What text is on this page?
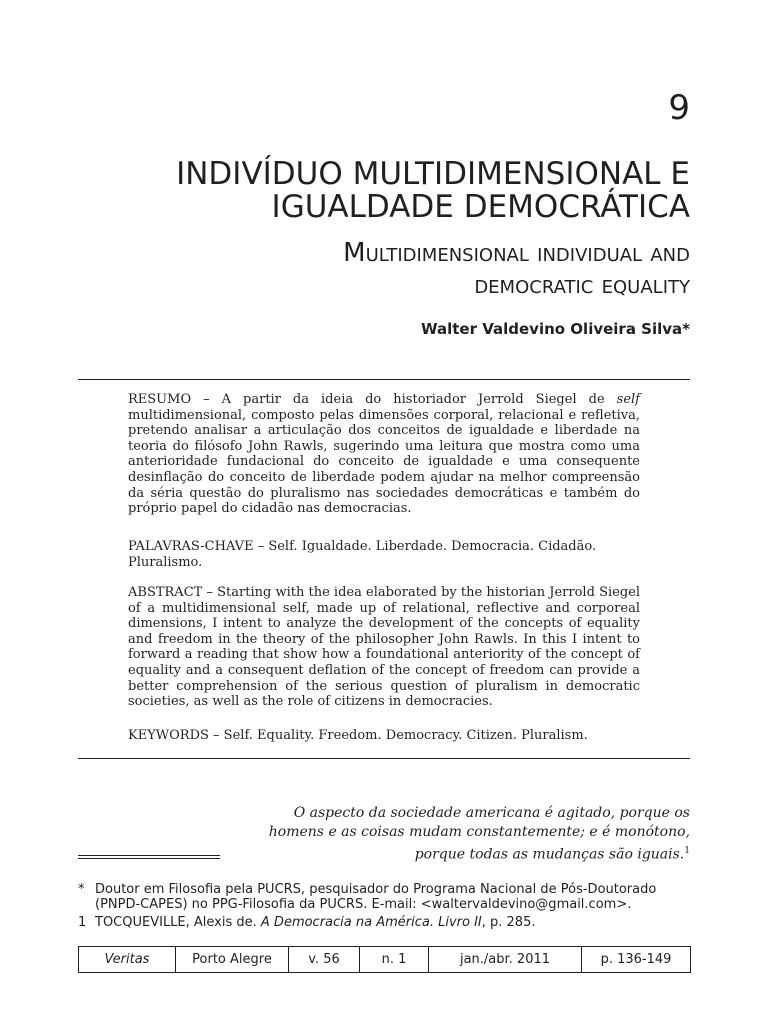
9
INDIVÍDUO MULTIDIMENSIONAL E
IGUALDADE DEMOCRÁTICA
Multidimensional individual and
democratic equality
Walter Valdevino Oliveira Silva*
RESUMO – A partir da ideia do historiador Jerrold Siegel de self multidimensional, composto pelas dimensões corporal, relacional e refletiva, pretendo analisar a articulação dos conceitos de igualdade e liberdade na teoria do filósofo John Rawls, sugerindo uma leitura que mostra como uma anterioridade fundacional do conceito de igualdade e uma consequente desinflação do conceito de liberdade podem ajudar na melhor compreensão da séria questão do pluralismo nas sociedades democráticas e também do próprio papel do cidadão nas democracias.
PALAVRAS-CHAVE – Self. Igualdade. Liberdade. Democracia. Cidadão. Pluralismo.
ABSTRACT – Starting with the idea elaborated by the historian Jerrold Siegel of a multidimensional self, made up of relational, reflective and corporeal dimensions, I intent to analyze the development of the concepts of equality and freedom in the theory of the philosopher John Rawls. In this I intent to forward a reading that show how a foundational anteriority of the concept of equality and a consequent deflation of the concept of freedom can provide a better comprehension of the serious question of pluralism in democratic societies, as well as the role of citizens in democracies.
KEYWORDS – Self. Equality. Freedom. Democracy. Citizen. Pluralism.
O aspecto da sociedade americana é agitado, porque os
homens e as coisas mudam constantemente; e é monótono,
porque todas as mudanças são iguais.$^1$
* Doutor em Filosofia pela PUCRS, pesquisador do Programa Nacional de Pós-Doutorado (PNPD-CAPES) no PPG-Filosofia da PUCRS. E-mail: <waltervaldevino@gmail.com>.
1 TOCQUEVILLE, Alexis de. A Democracia na América. Livro II, p. 285.
Veritas	Porto Alegre	v. 56	n. 1	jan./abr. 2011	p. 136-149
